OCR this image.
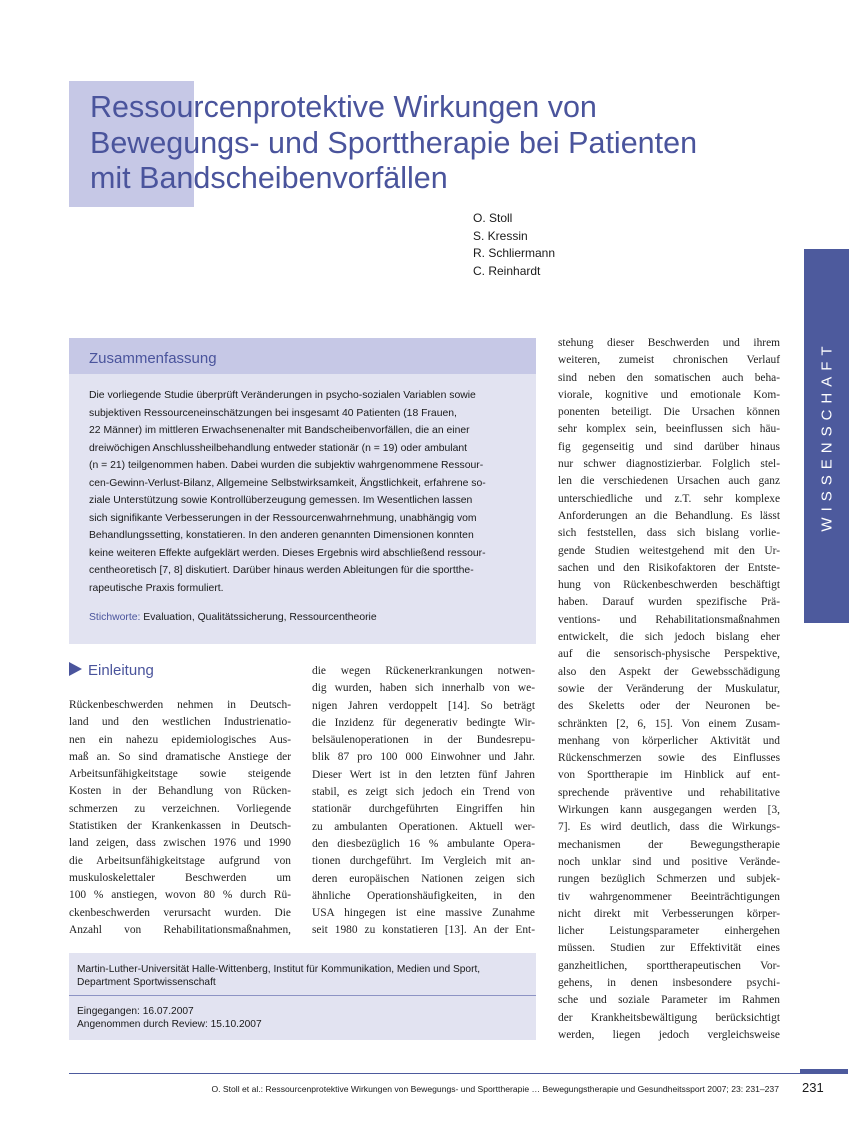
Ressourcenprotektive Wirkungen von
Bewegungs- und Sporttherapie bei Patienten
mit Bandscheibenvorfällen
O. Stoll
S. Kressin
R. Schliermann
C. Reinhardt
WISSENSCHAFT
Zusammenfassung
Die vorliegende Studie überprüft Veränderungen in psycho-sozialen Variablen sowie
subjektiven Ressourceneinschätzungen bei insgesamt 40 Patienten (18 Frauen,
22 Männer) im mittleren Erwachsenenalter mit Bandscheibenvorfällen, die an einer
dreiwöchigen Anschlussheilbehandlung entweder stationär (n = 19) oder ambulant
(n = 21) teilgenommen haben. Dabei wurden die subjektiv wahrgenommene Ressour-
cen-Gewinn-Verlust-Bilanz, Allgemeine Selbstwirksamkeit, Ängstlichkeit, erfahrene so-
ziale Unterstützung sowie Kontrollüberzeugung gemessen. Im Wesentlichen lassen
sich signifikante Verbesserungen in der Ressourcenwahrnehmung, unabhängig vom
Behandlungssetting, konstatieren. In den anderen genannten Dimensionen konnten
keine weiteren Effekte aufgeklärt werden. Dieses Ergebnis wird abschließend ressour-
centheoretisch [7, 8] diskutiert. Darüber hinaus werden Ableitungen für die sportthe-
rapeutische Praxis formuliert.
Stichworte: Evaluation, Qualitätssicherung, Ressourcentheorie
Einleitung
Rückenbeschwerden nehmen in Deutsch-
land und den westlichen Industrienatio-
nen ein nahezu epidemiologisches Aus-
maß an. So sind dramatische Anstiege der
Arbeitsunfähigkeitstage sowie steigende
Kosten in der Behandlung von Rücken-
schmerzen zu verzeichnen. Vorliegende
Statistiken der Krankenkassen in Deutsch-
land zeigen, dass zwischen 1976 und 1990
die Arbeitsunfähigkeitstage aufgrund von
muskuloskelettaler Beschwerden um
100 % anstiegen, wovon 80 % durch Rü-
ckenbeschwerden verursacht wurden. Die
Anzahl von Rehabilitationsmaßnahmen,
die wegen Rückenerkrankungen notwen-
dig wurden, haben sich innerhalb von we-
nigen Jahren verdoppelt [14]. So beträgt
die Inzidenz für degenerativ bedingte Wir-
belsäulenoperationen in der Bundesrepu-
blik 87 pro 100 000 Einwohner und Jahr.
Dieser Wert ist in den letzten fünf Jahren
stabil, es zeigt sich jedoch ein Trend von
stationär durchgeführten Eingriffen hin
zu ambulanten Operationen. Aktuell wer-
den diesbezüglich 16 % ambulante Opera-
tionen durchgeführt. Im Vergleich mit an-
deren europäischen Nationen zeigen sich
ähnliche Operationshäufigkeiten, in den
USA hingegen ist eine massive Zunahme
seit 1980 zu konstatieren [13]. An der Ent-
stehung dieser Beschwerden und ihrem
weiteren, zumeist chronischen Verlauf
sind neben den somatischen auch beha-
viorale, kognitive und emotionale Kom-
ponenten beteiligt. Die Ursachen können
sehr komplex sein, beeinflussen sich häu-
fig gegenseitig und sind darüber hinaus
nur schwer diagnostizierbar. Folglich stel-
len die verschiedenen Ursachen auch ganz
unterschiedliche und z.T. sehr komplexe
Anforderungen an die Behandlung. Es lässt
sich feststellen, dass sich bislang vorlie-
gende Studien weitestgehend mit den Ur-
sachen und den Risikofaktoren der Entste-
hung von Rückenbeschwerden beschäftigt
haben. Darauf wurden spezifische Prä-
ventions- und Rehabilitationsmaßnahmen
entwickelt, die sich jedoch bislang eher
auf die sensorisch-physische Perspektive,
also den Aspekt der Gewebsschädigung
sowie der Veränderung der Muskulatur,
des Skeletts oder der Neuronen be-
schränkten [2, 6, 15]. Von einem Zusam-
menhang von körperlicher Aktivität und
Rückenschmerzen sowie des Einflusses
von Sporttherapie im Hinblick auf ent-
sprechende präventive und rehabilitative
Wirkungen kann ausgegangen werden [3,
7]. Es wird deutlich, dass die Wirkungs-
mechanismen der Bewegungstherapie
noch unklar sind und positive Verände-
rungen bezüglich Schmerzen und subjek-
tiv wahrgenommener Beeinträchtigungen
nicht direkt mit Verbesserungen körper-
licher Leistungsparameter einhergehen
müssen. Studien zur Effektivität eines
ganzheitlichen, sporttherapeutischen Vor-
gehens, in denen insbesondere psychi-
sche und soziale Parameter im Rahmen
der Krankheitsbewältigung berücksichtigt
werden, liegen jedoch vergleichsweise
Martin-Luther-Universität Halle-Wittenberg, Institut für Kommunikation, Medien und Sport,
Department Sportwissenschaft
Eingegangen: 16.07.2007
Angenommen durch Review: 15.10.2007
O. Stoll et al.: Ressourcenprotektive Wirkungen von Bewegungs- und Sporttherapie … Bewegungstherapie und Gesundheitssport 2007; 23: 231–237 231
